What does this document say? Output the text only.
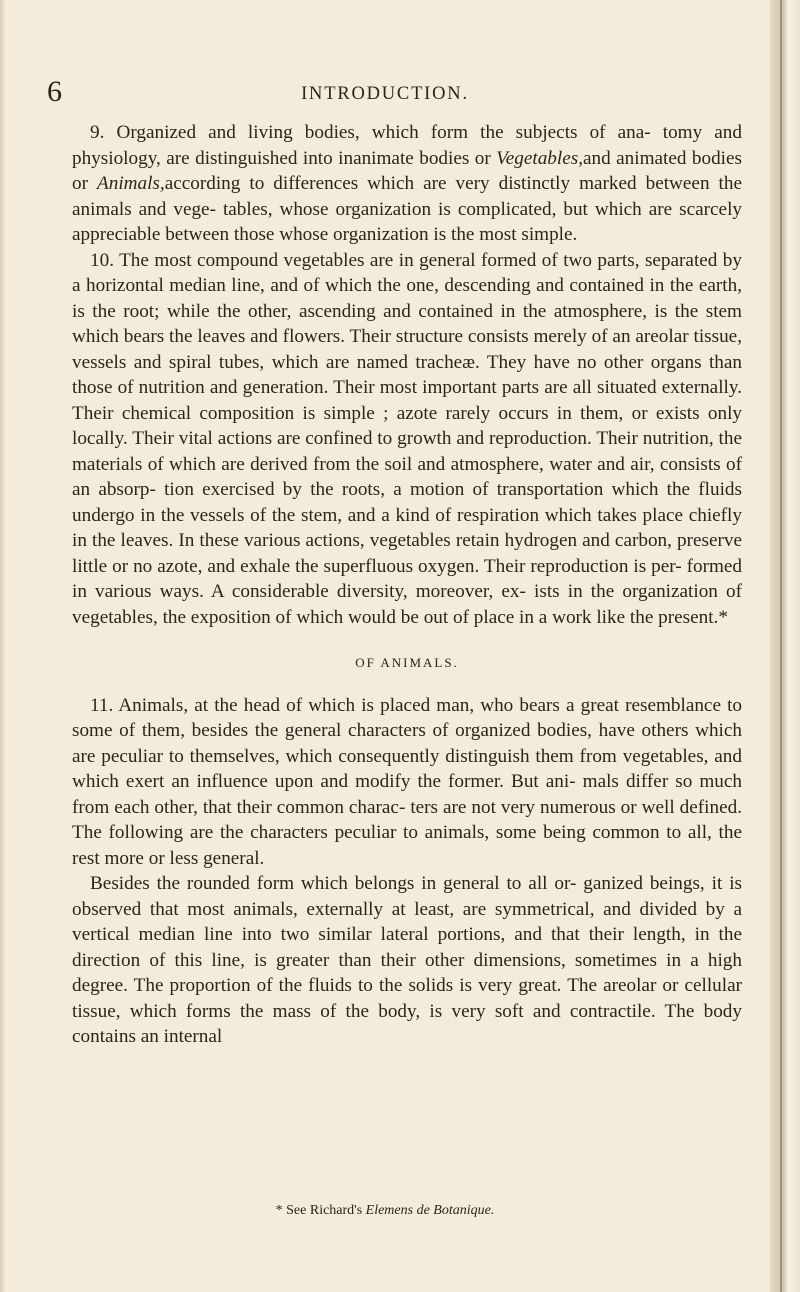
6	INTRODUCTION.

9. Organized and living bodies, which form the subjects of ana- tomy and physiology, are distinguished into inanimate bodies or Vegetables,and animated bodies or Animals,according to differences which are very distinctly marked between the animals and vege- tables, whose organization is complicated, but which are scarcely appreciable between those whose organization is the most simple.

10. The most compound vegetables are in general formed of two parts, separated by a horizontal median line, and of which the one, descending and contained in the earth, is the root; while the other, ascending and contained in the atmosphere, is the stem which bears the leaves and flowers. Their structure consists merely of an areolar tissue, vessels and spiral tubes, which are named tracheæ. They have no other organs than those of nutrition and generation. Their most important parts are all situated externally. Their chemical composition is simple ; azote rarely occurs in them, or exists only locally. Their vital actions are confined to growth and reproduction. Their nutrition, the materials of which are derived from the soil and atmosphere, water and air, consists of an absorp- tion exercised by the roots, a motion of transportation which the fluids undergo in the vessels of the stem, and a kind of respiration which takes place chiefly in the leaves. In these various actions, vegetables retain hydrogen and carbon, preserve little or no azote, and exhale the superfluous oxygen. Their reproduction is per- formed in various ways. A considerable diversity, moreover, ex- ists in the organization of vegetables, the exposition of which would be out of place in a work like the present.*

OF ANIMALS.

11. Animals, at the head of which is placed man, who bears a great resemblance to some of them, besides the general characters of organized bodies, have others which are peculiar to themselves, which consequently distinguish them from vegetables, and which exert an influence upon and modify the former. But ani- mals differ so much from each other, that their common charac- ters are not very numerous or well defined. The following are the characters peculiar to animals, some being common to all, the rest more or less general.

Besides the rounded form which belongs in general to all or- ganized beings, it is observed that most animals, externally at least, are symmetrical, and divided by a vertical median line into two similar lateral portions, and that their length, in the direction of this line, is greater than their other dimensions, sometimes in a high degree. The proportion of the fluids to the solids is very great. The areolar or cellular tissue, which forms the mass of the body, is very soft and contractile. The body contains an internal

* See Richard's Elemens de Botanique.
